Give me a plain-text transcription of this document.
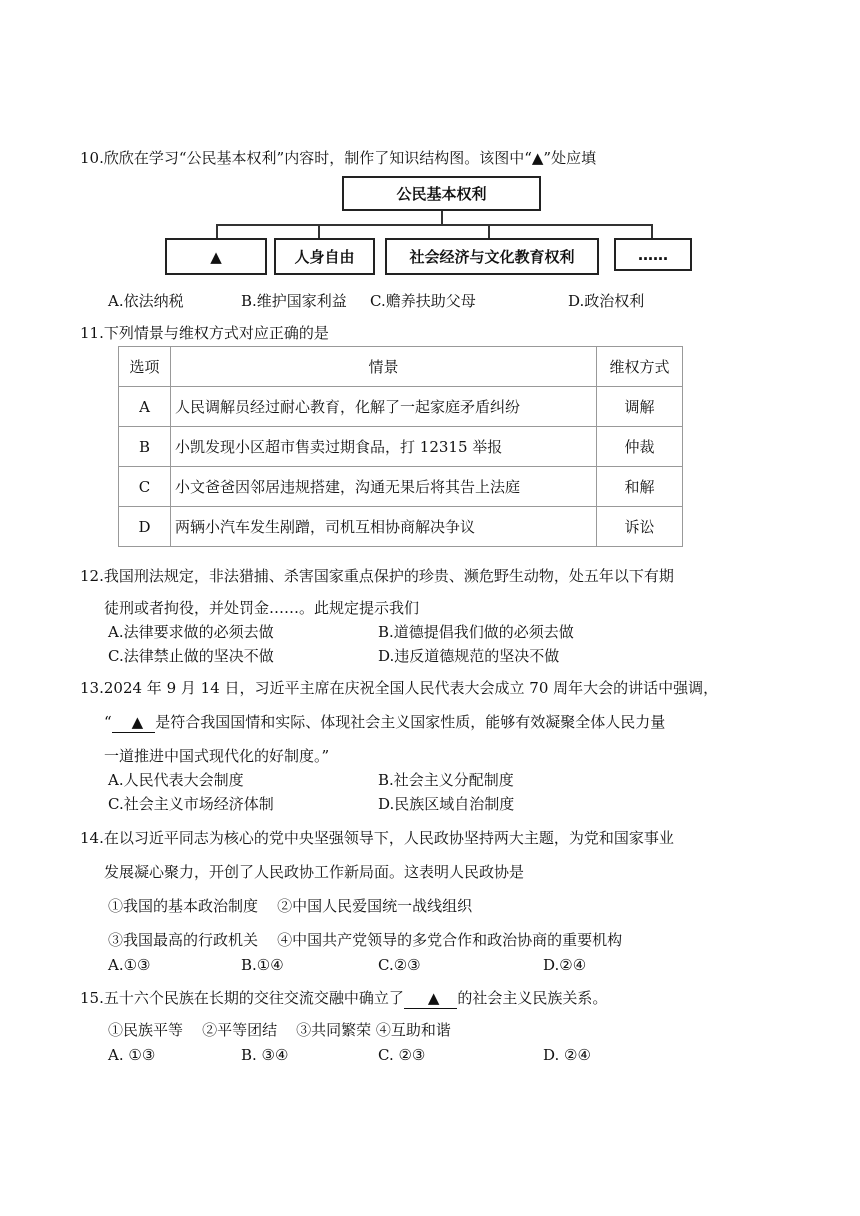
10.欣欣在学习“公民基本权利”内容时，制作了知识结构图。该图中“▲”处应填
公民基本权利
▲	人身自由	社会经济与文化教育权利	……
A.依法纳税	B.维护国家利益 C.赡养扶助父母	D.政治权利
11.下列情景与维权方式对应正确的是
选项	情景	维权方式
A	人民调解员经过耐心教育，化解了一起家庭矛盾纠纷	调解
B	小凯发现小区超市售卖过期食品，打 12315 举报	仲裁
C	小文爸爸因邻居违规搭建，沟通无果后将其告上法庭	和解
D	两辆小汽车发生剐蹭，司机互相协商解决争议	诉讼
12.我国刑法规定，非法猎捕、杀害国家重点保护的珍贵、濒危野生动物，处五年以下有期
徒刑或者拘役，并处罚金……。此规定提示我们
A.法律要求做的必须去做	B.道德提倡我们做的必须去做
C.法律禁止做的坚决不做	D.违反道德规范的坚决不做
13.2024 年 9 月 14 日，习近平主席在庆祝全国人民代表大会成立 70 周年大会的讲话中强调，
“ ▲ 是符合我国国情和实际、体现社会主义国家性质，能够有效凝聚全体人民力量
一道推进中国式现代化的好制度。”
A.人民代表大会制度	B.社会主义分配制度
C.社会主义市场经济体制	D.民族区域自治制度
14.在以习近平同志为核心的党中央坚强领导下，人民政协坚持两大主题，为党和国家事业
发展凝心聚力，开创了人民政协工作新局面。这表明人民政协是
①我国的基本政治制度    ②中国人民爱国统一战线组织
③我国最高的行政机关    ④中国共产党领导的多党合作和政治协商的重要机构
A.①③	B.①④	C.②③	D.②④
15.五十六个民族在长期的交往交流交融中确立了 ▲ 的社会主义民族关系。
①民族平等    ②平等团结    ③共同繁荣 ④互助和谐
A. ①③	B. ③④	C. ②③	D. ②④
